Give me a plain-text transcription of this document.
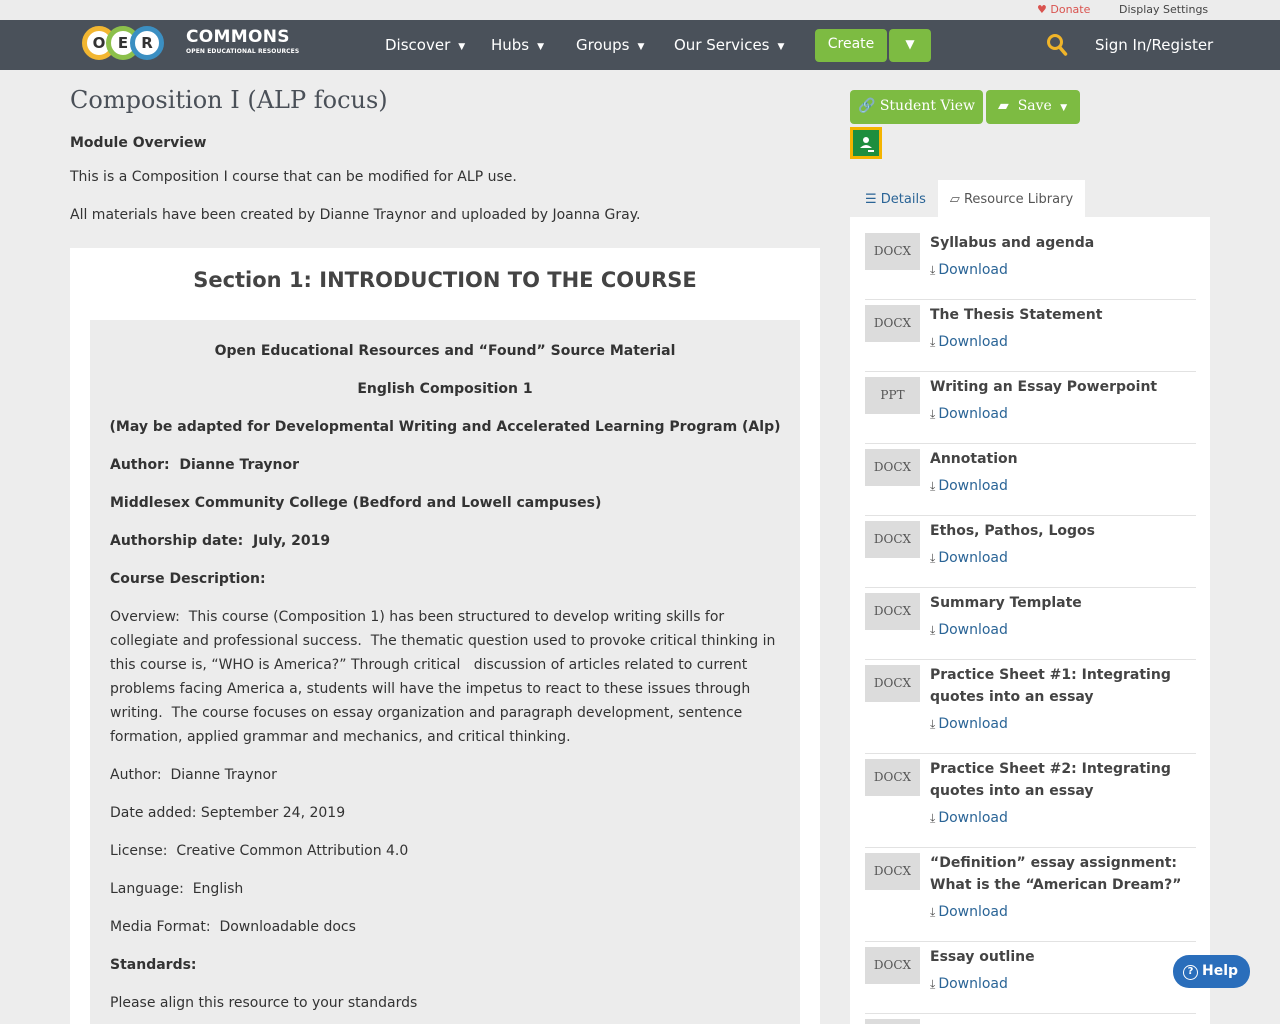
♥ Donate	Display Settings
O E R	COMMONS
OPEN EDUCATIONAL RESOURCES	Discover ▼ Hubs ▼ Groups ▼ Our Services ▼	Create	▼	Sign In/Register
Composition I (ALP focus)
Module Overview
This is a Composition I course that can be modified for ALP use.
All materials have been created by Dianne Traynor and uploaded by Joanna Gray.
Section 1: INTRODUCTION TO THE COURSE
Open Educational Resources and “Found” Source Material
English Composition 1
(May be adapted for Developmental Writing and Accelerated Learning Program (Alp)
Author:  Dianne Traynor
Middlesex Community College (Bedford and Lowell campuses)
Authorship date:  July, 2019
Course Description:
Overview:  This course (Composition 1) has been structured to develop writing skills for collegiate and professional success.  The thematic question used to provoke critical thinking in this course is, “WHO is America?” Through critical   discussion of articles related to current problems facing America a, students will have the impetus to react to these issues through writing.  The course focuses on essay organization and paragraph development, sentence formation, applied grammar and mechanics, and critical thinking.
Author:  Dianne Traynor
Date added: September 24, 2019
License:  Creative Common Attribution 4.0
Language:  English
Media Format:  Downloadable docs
Standards:
Please align this resource to your standards
🔗 Student View	▰ Save ▼
☰ Details	▱ Resource Library
DOCX	Syllabus and agenda
⤓ Download
DOCX	The Thesis Statement
⤓ Download
PPT	Writing an Essay Powerpoint
⤓ Download
DOCX	Annotation
⤓ Download
DOCX	Ethos, Pathos, Logos
⤓ Download
DOCX	Summary Template
⤓ Download
DOCX	Practice Sheet #1: Integrating quotes into an essay
⤓ Download
DOCX	Practice Sheet #2: Integrating quotes into an essay
⤓ Download
DOCX	“Definition” essay assignment:  What is the “American Dream?”
⤓ Download
DOCX	Essay outline
⤓ Download
? Help
